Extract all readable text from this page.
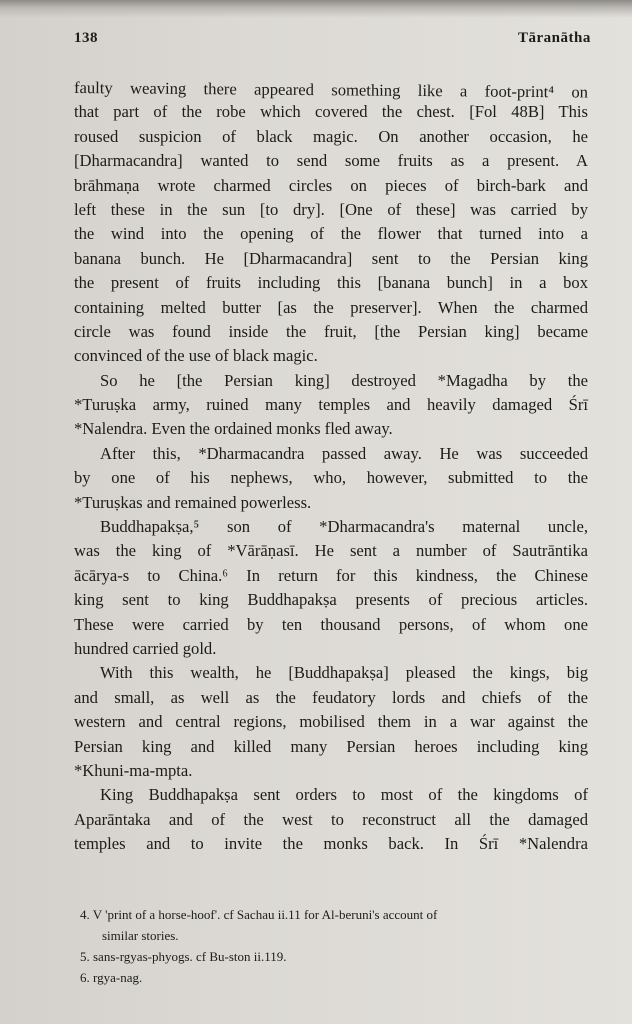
138	Tāranātha
faulty weaving there appeared something like a foot-print⁴ on
that part of the robe which covered the chest. [Fol 48B] This
roused suspicion of black magic. On another occasion, he
[Dharmacandra] wanted to send some fruits as a present. A
brāhmaṇa wrote charmed circles on pieces of birch-bark and
left these in the sun [to dry]. [One of these] was carried by
the wind into the opening of the flower that turned into a
banana bunch. He [Dharmacandra] sent to the Persian king
the present of fruits including this [banana bunch] in a box
containing melted butter [as the preserver]. When the charmed
circle was found inside the fruit, [the Persian king] became
convinced of the use of black magic.
So he [the Persian king] destroyed *Magadha by the
*Turuṣka army, ruined many temples and heavily damaged Śrī
*Nalendra. Even the ordained monks fled away.
After this, *Dharmacandra passed away. He was succeeded
by one of his nephews, who, however, submitted to the
*Turuṣkas and remained powerless.
Buddhapakṣa,⁵ son of *Dharmacandra's maternal uncle,
was the king of *Vārāṇasī. He sent a number of Sautrāntika
ācārya-s to China.⁶ In return for this kindness, the Chinese
king sent to king Buddhapakṣa presents of precious articles.
These were carried by ten thousand persons, of whom one
hundred carried gold.
With this wealth, he [Buddhapakṣa] pleased the kings, big
and small, as well as the feudatory lords and chiefs of the
western and central regions, mobilised them in a war against the
Persian king and killed many Persian heroes including king
*Khuni-ma-mpta.
King Buddhapakṣa sent orders to most of the kingdoms of
Aparāntaka and of the west to reconstruct all the damaged
temples and to invite the monks back. In Śrī *Nalendra
4. V 'print of a horse-hoof'. cf Sachau ii.11 for Al-beruni's account of
similar stories.
5. sans-rgyas-phyogs. cf Bu-ston ii.119.
6. rgya-nag.
